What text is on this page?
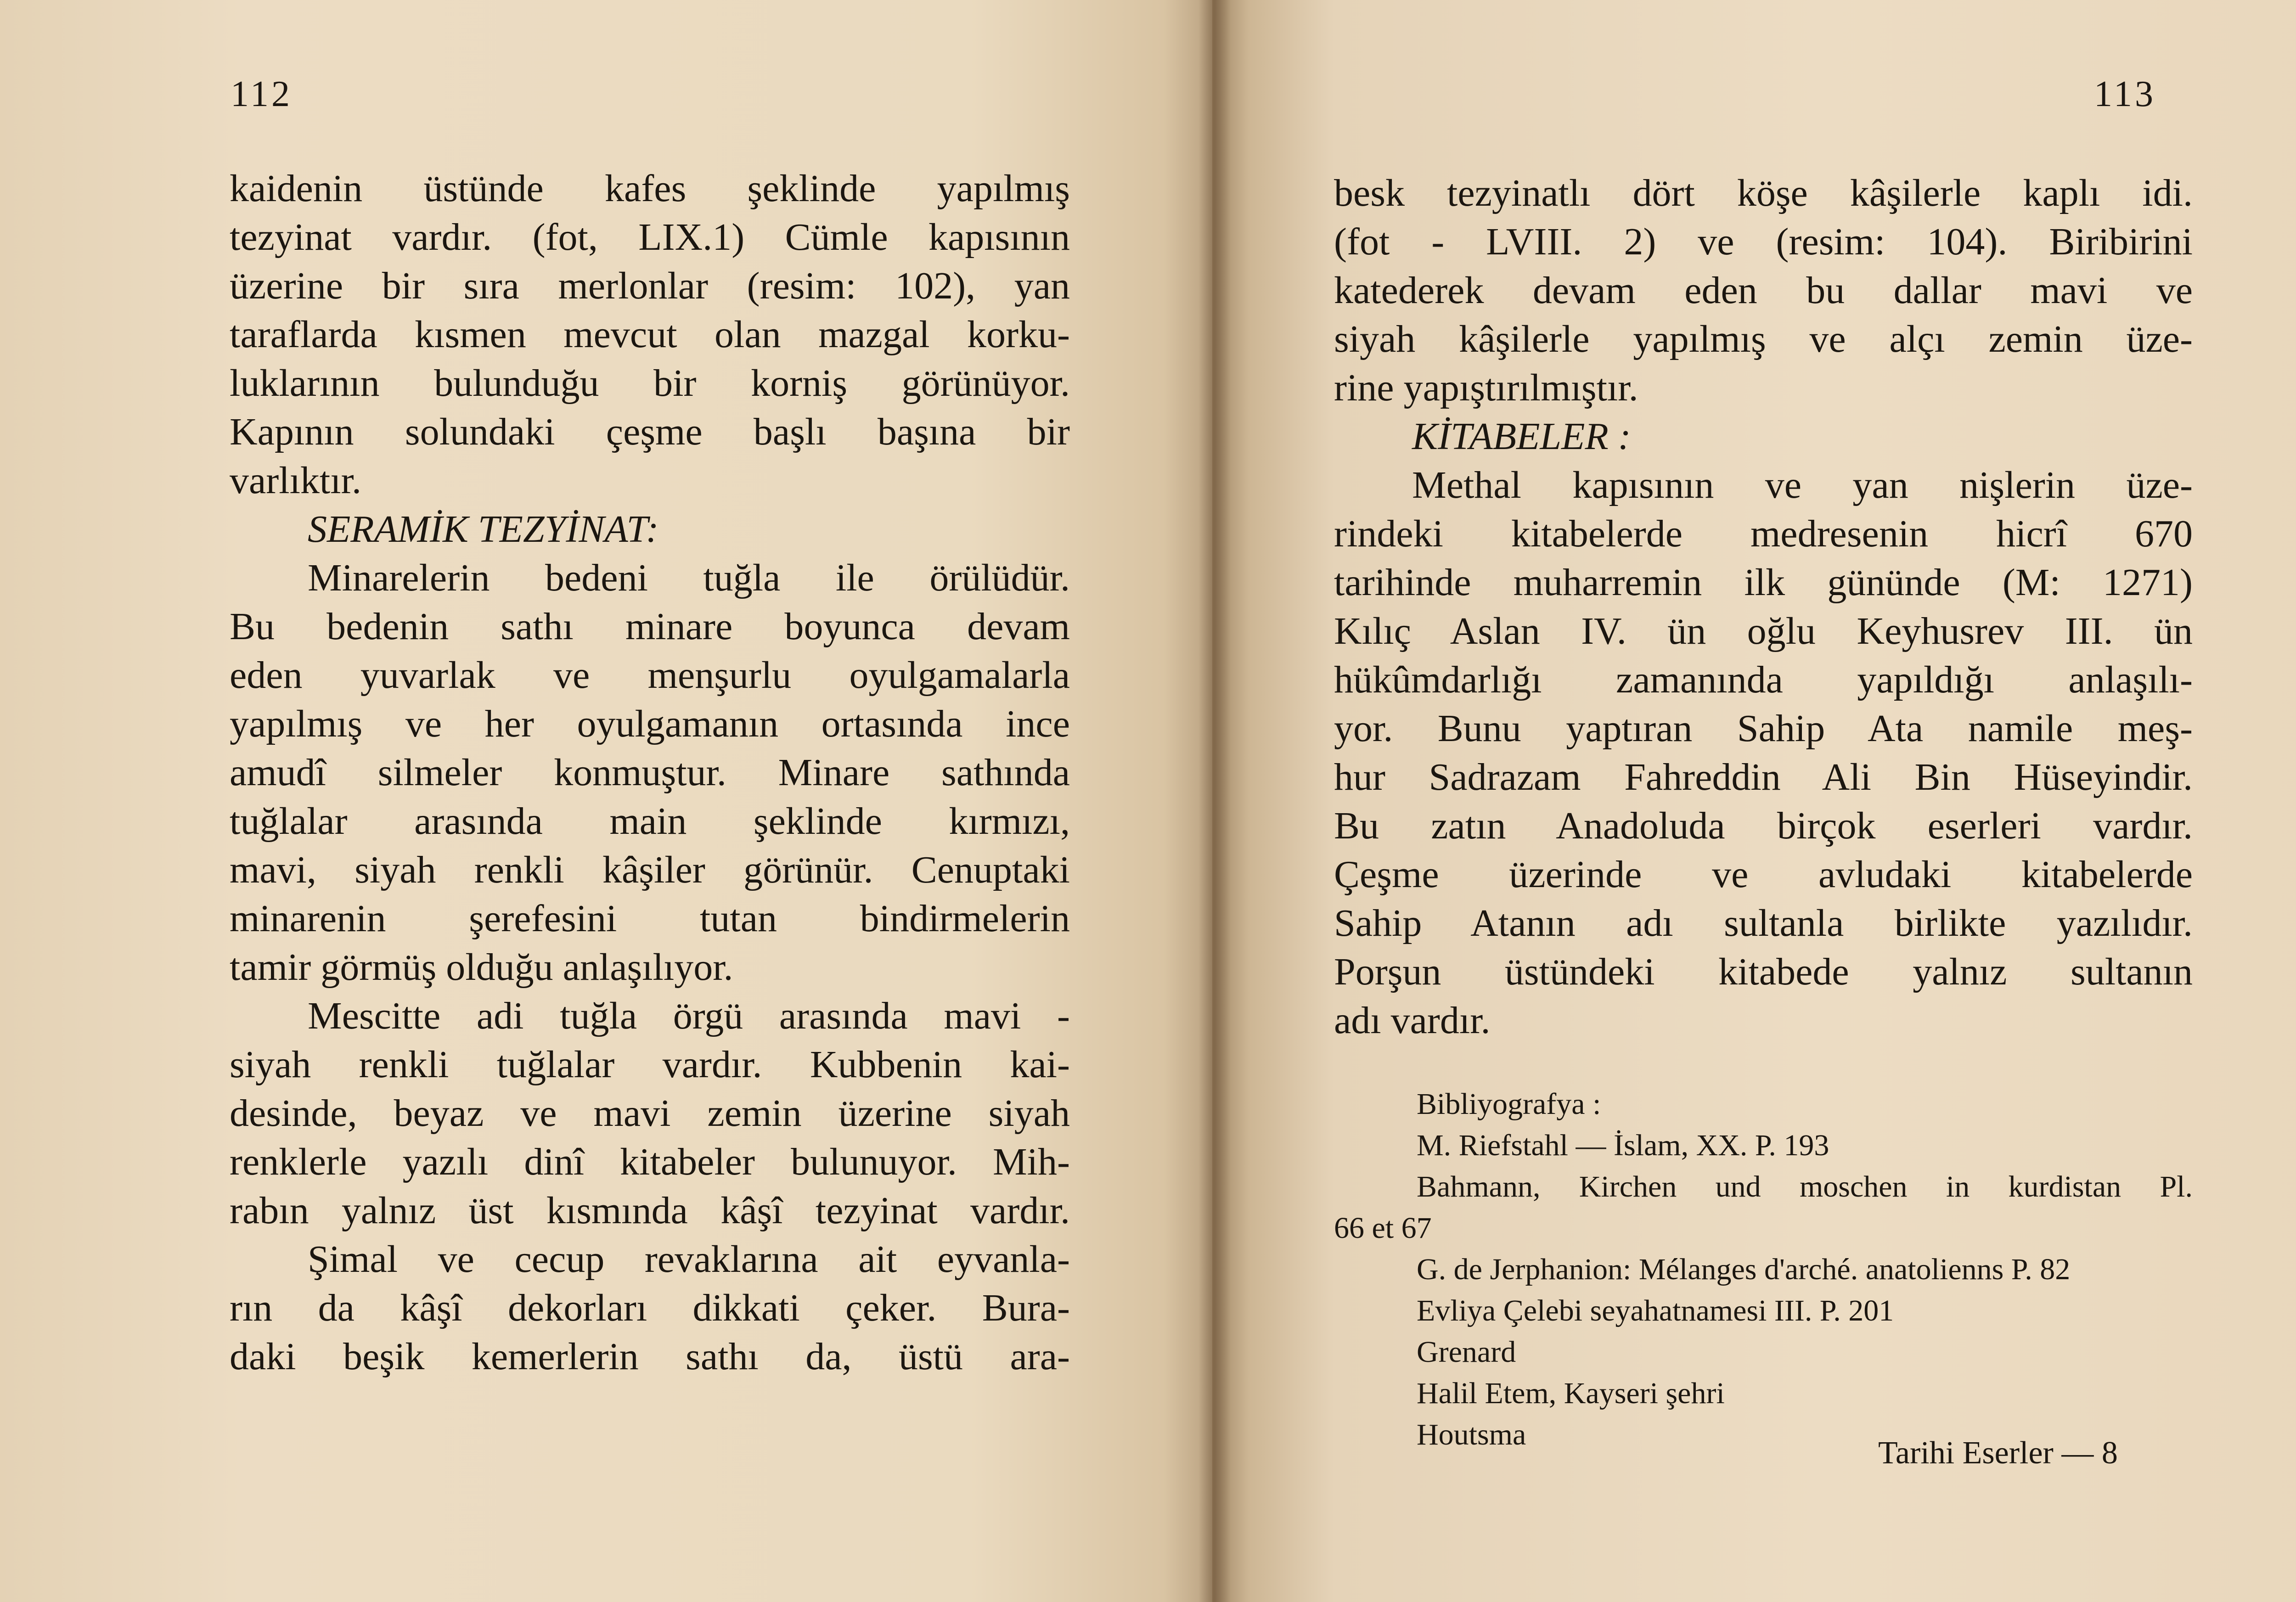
112
kaidenin üstünde kafes şeklinde yapılmış
tezyinat vardır. (fot, LIX.1) Cümle kapısının
üzerine bir sıra merlonlar (resim: 102), yan
taraflarda kısmen mevcut olan mazgal korku-
luklarının bulunduğu bir korniş görünüyor.
Kapının solundaki çeşme başlı başına bir
varlıktır.
SERAMİK TEZYİNAT:
Minarelerin bedeni tuğla ile örülüdür.
Bu bedenin sathı minare boyunca devam
eden yuvarlak ve menşurlu oyulgamalarla
yapılmış ve her oyulgamanın ortasında ince
amudî silmeler konmuştur. Minare sathında
tuğlalar arasında main şeklinde kırmızı,
mavi, siyah renkli kâşiler görünür. Cenuptaki
minarenin şerefesini tutan bindirmelerin
tamir görmüş olduğu anlaşılıyor.
Mescitte adi tuğla örgü arasında mavi -
siyah renkli tuğlalar vardır. Kubbenin kai-
desinde, beyaz ve mavi zemin üzerine siyah
renklerle yazılı dinî kitabeler bulunuyor. Mih-
rabın yalnız üst kısmında kâşî tezyinat vardır.
Şimal ve cecup revaklarına ait eyvanla-
rın da kâşî dekorları dikkati çeker. Bura-
daki beşik kemerlerin sathı da, üstü ara-
113
besk tezyinatlı dört köşe kâşilerle kaplı idi.
(fot - LVIII. 2) ve (resim: 104). Biribirini
katederek devam eden bu dallar mavi ve
siyah kâşilerle yapılmış ve alçı zemin üze-
rine yapıştırılmıştır.
KİTABELER :
Methal kapısının ve yan nişlerin üze-
rindeki kitabelerde medresenin hicrî 670
tarihinde muharremin ilk gününde (M: 1271)
Kılıç Aslan IV. ün oğlu Keyhusrev III. ün
hükûmdarlığı zamanında yapıldığı anlaşılı-
yor. Bunu yaptıran Sahip Ata namile meş-
hur Sadrazam Fahreddin Ali Bin Hüseyindir.
Bu zatın Anadoluda birçok eserleri vardır.
Çeşme üzerinde ve avludaki kitabelerde
Sahip Atanın adı sultanla birlikte yazılıdır.
Porşun üstündeki kitabede yalnız sultanın
adı vardır.
Bibliyografya :
M. Riefstahl — İslam, XX. P. 193
Bahmann, Kirchen und moschen in kurdistan Pl.
66 et 67
G. de Jerphanion: Mélanges d'arché. anatolienns P. 82
Evliya Çelebi seyahatnamesi III. P. 201
Grenard
Halil Etem, Kayseri şehri
Houtsma
Tarihi Eserler — 8
